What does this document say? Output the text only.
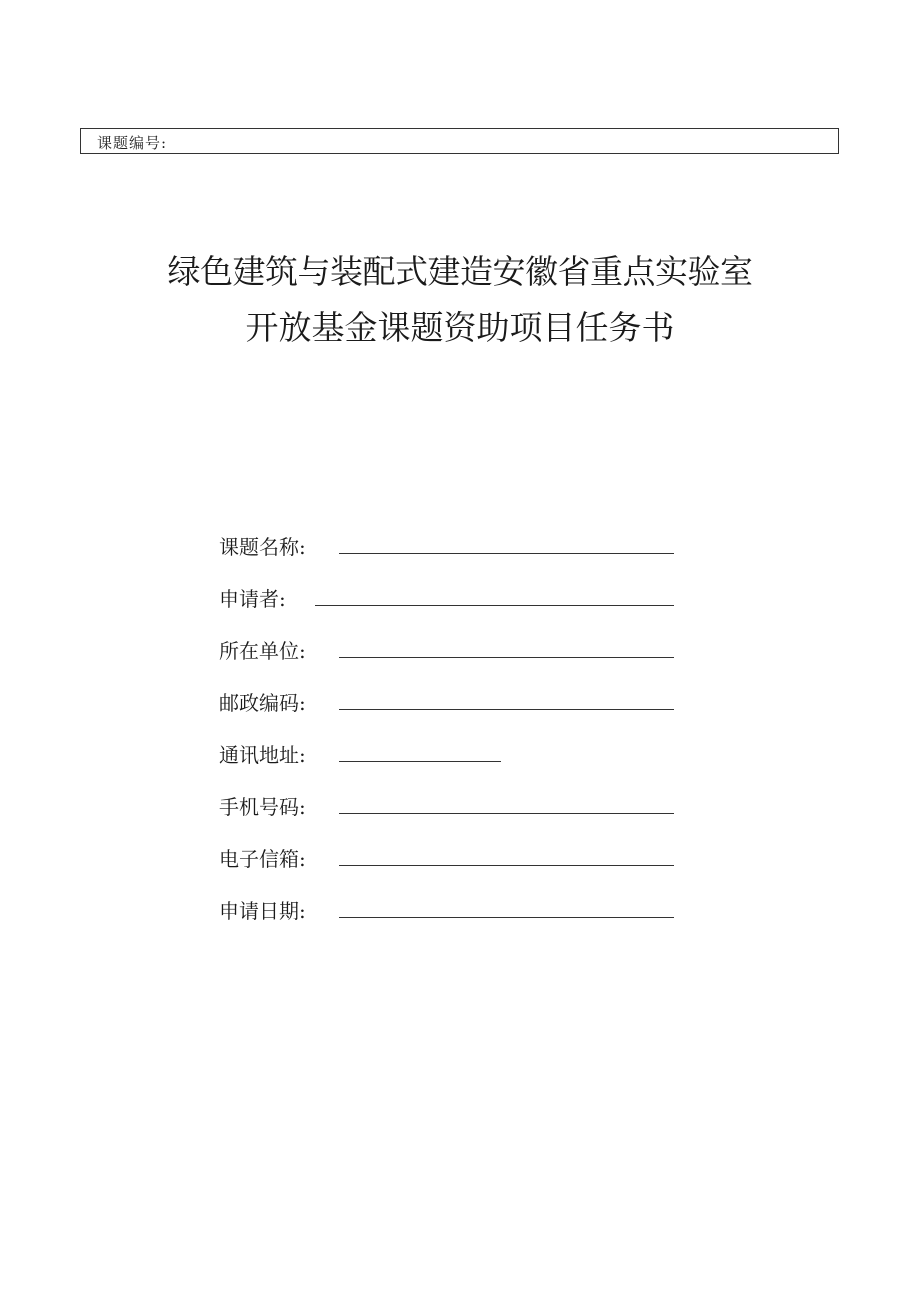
课题编号:
绿色建筑与装配式建造安徽省重点实验室
开放基金课题资助项目任务书
课题名称:
申请者:
所在单位:
邮政编码:
通讯地址:
手机号码:
电子信箱:
申请日期:
